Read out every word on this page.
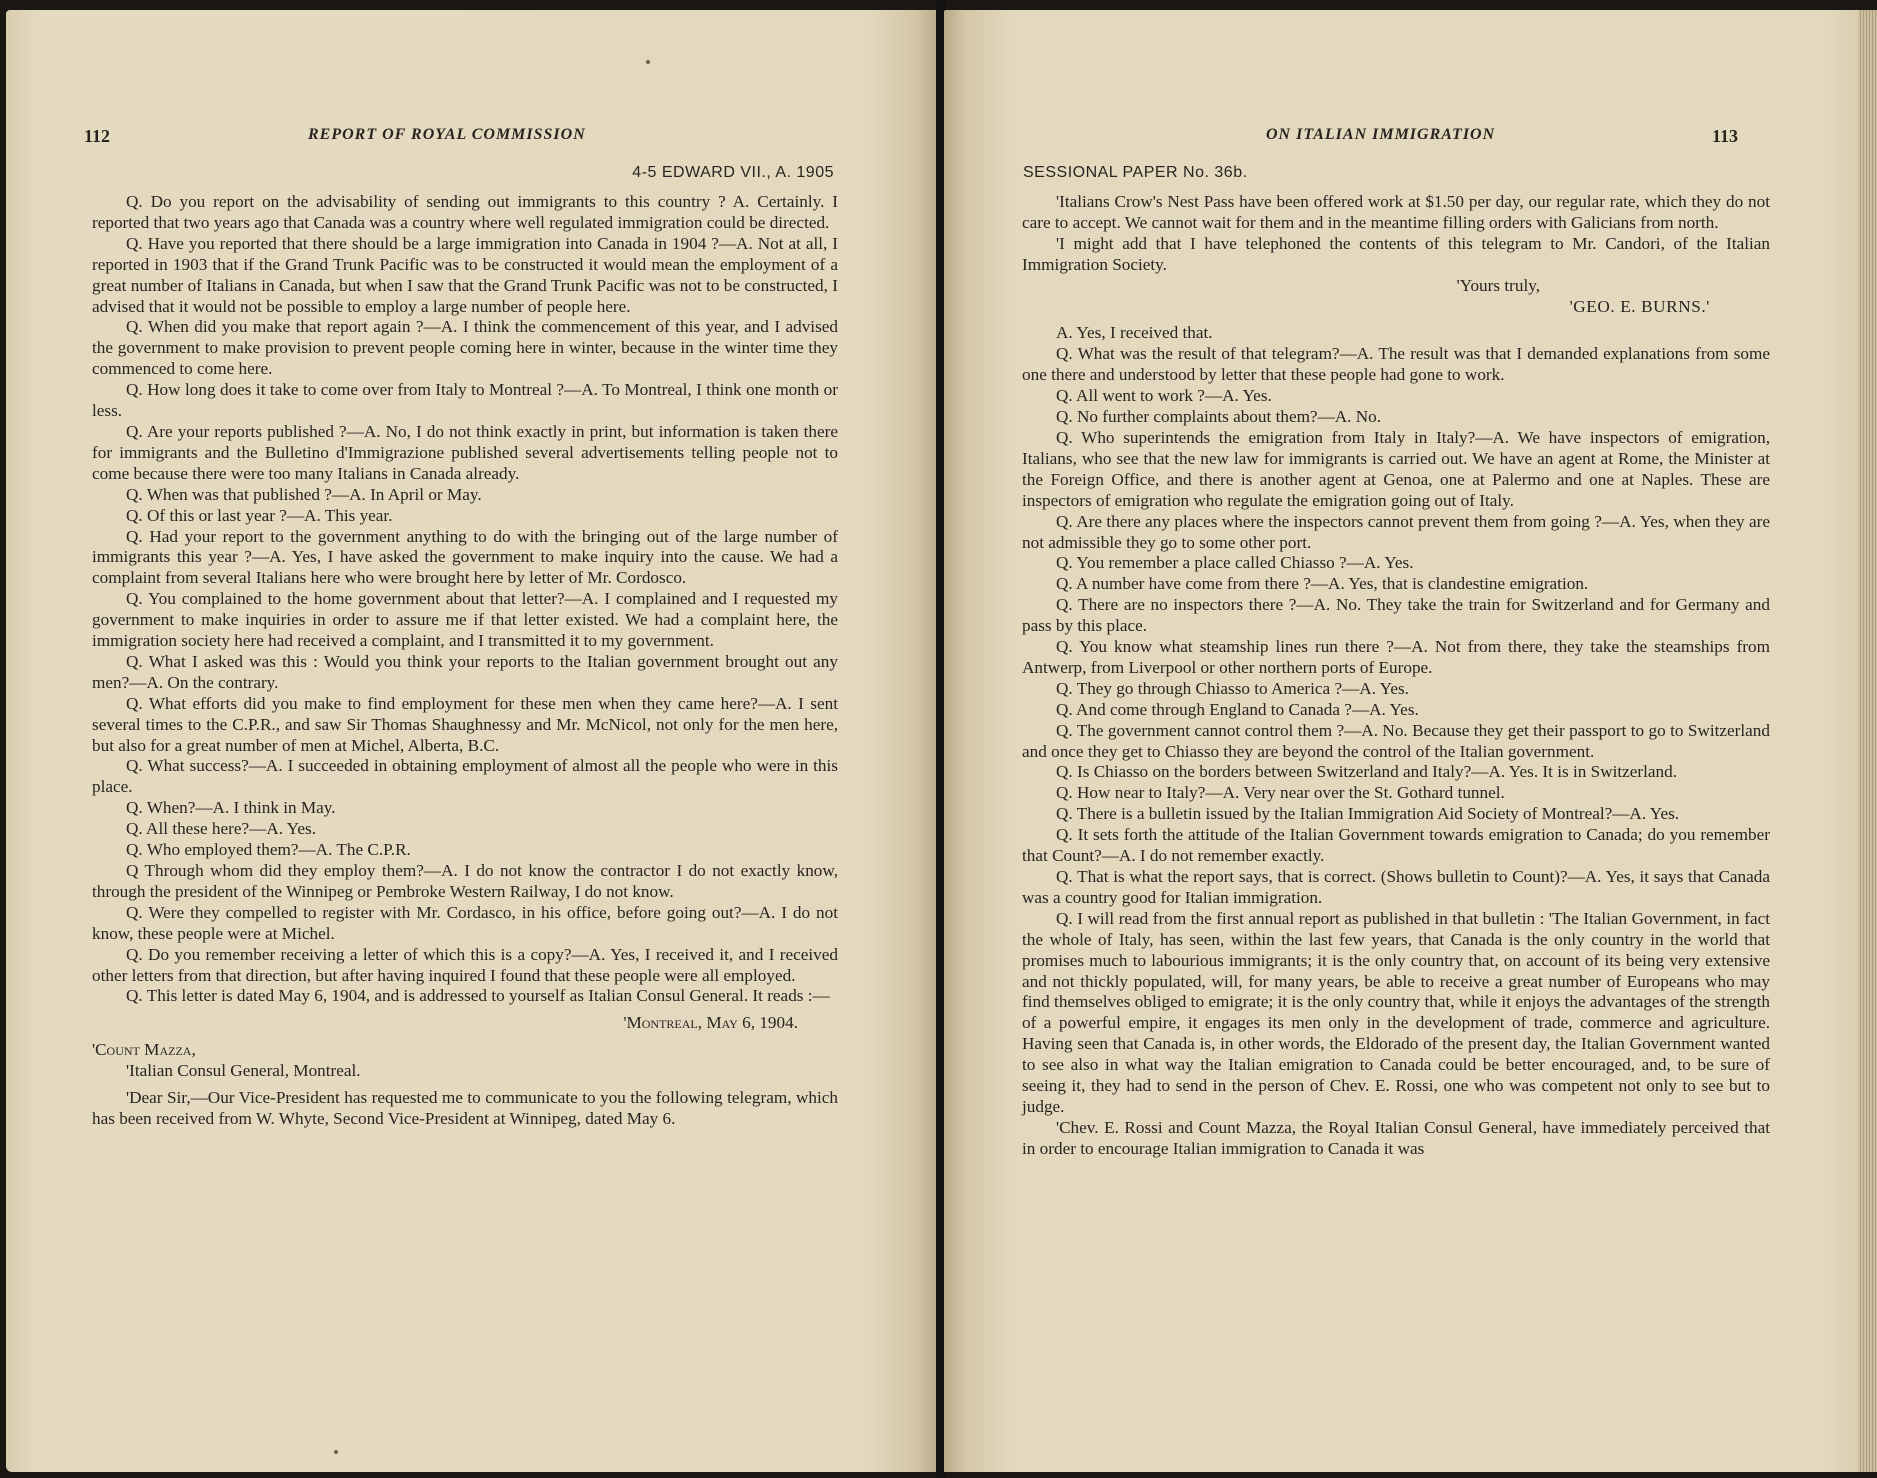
112	REPORT OF ROYAL COMMISSION
4-5 EDWARD VII., A. 1905

Q. Do you report on the advisability of sending out immigrants to this country ? A. Certainly. I reported that two years ago that Canada was a country where well regulated immigration could be directed.

Q. Have you reported that there should be a large immigration into Canada in 1904 ?—A. Not at all, I reported in 1903 that if the Grand Trunk Pacific was to be constructed it would mean the employment of a great number of Italians in Canada, but when I saw that the Grand Trunk Pacific was not to be constructed, I advised that it would not be possible to employ a large number of people here.

Q. When did you make that report again ?—A. I think the commencement of this year, and I advised the government to make provision to prevent people coming here in winter, because in the winter time they commenced to come here.

Q. How long does it take to come over from Italy to Montreal ?—A. To Montreal, I think one month or less.

Q. Are your reports published ?—A. No, I do not think exactly in print, but information is taken there for immigrants and the Bulletino d'Immigrazione published several advertisements telling people not to come because there were too many Italians in Canada already.

Q. When was that published ?—A. In April or May.

Q. Of this or last year ?—A. This year.

Q. Had your report to the government anything to do with the bringing out of the large number of immigrants this year ?—A. Yes, I have asked the government to make inquiry into the cause. We had a complaint from several Italians here who were brought here by letter of Mr. Cordosco.

Q. You complained to the home government about that letter?—A. I complained and I requested my government to make inquiries in order to assure me if that letter existed. We had a complaint here, the immigration society here had received a complaint, and I transmitted it to my government.

Q. What I asked was this : Would you think your reports to the Italian government brought out any men?—A. On the contrary.

Q. What efforts did you make to find employment for these men when they came here?—A. I sent several times to the C.P.R., and saw Sir Thomas Shaughnessy and Mr. McNicol, not only for the men here, but also for a great number of men at Michel, Alberta, B.C.

Q. What success?—A. I succeeded in obtaining employment of almost all the people who were in this place.

Q. When?—A. I think in May.

Q. All these here?—A. Yes.

Q. Who employed them?—A. The C.P.R.

Q Through whom did they employ them?—A. I do not know the contractor I do not exactly know, through the president of the Winnipeg or Pembroke Western Railway, I do not know.

Q. Were they compelled to register with Mr. Cordasco, in his office, before going out?—A. I do not know, these people were at Michel.

Q. Do you remember receiving a letter of which this is a copy?—A. Yes, I received it, and I received other letters from that direction, but after having inquired I found that these people were all employed.

Q. This letter is dated May 6, 1904, and is addressed to yourself as Italian Consul General. It reads :—

'Montreal, May 6, 1904.

'Count Mazza,

'Italian Consul General, Montreal.

'Dear Sir,—Our Vice-President has requested me to communicate to you the following telegram, which has been received from W. Whyte, Second Vice-President at Winnipeg, dated May 6.

ON ITALIAN IMMIGRATION	113
SESSIONAL PAPER No. 36b.

'Italians Crow's Nest Pass have been offered work at $1.50 per day, our regular rate, which they do not care to accept. We cannot wait for them and in the meantime filling orders with Galicians from north.

'I might add that I have telephoned the contents of this telegram to Mr. Candori, of the Italian Immigration Society.

'Yours truly,

'GEO. E. BURNS.'

A. Yes, I received that.

Q. What was the result of that telegram?—A. The result was that I demanded explanations from some one there and understood by letter that these people had gone to work.

Q. All went to work ?—A. Yes.

Q. No further complaints about them?—A. No.

Q. Who superintends the emigration from Italy in Italy?—A. We have inspectors of emigration, Italians, who see that the new law for immigrants is carried out. We have an agent at Rome, the Minister at the Foreign Office, and there is another agent at Genoa, one at Palermo and one at Naples. These are inspectors of emigration who regulate the emigration going out of Italy.

Q. Are there any places where the inspectors cannot prevent them from going ?—A. Yes, when they are not admissible they go to some other port.

Q. You remember a place called Chiasso ?—A. Yes.

Q. A number have come from there ?—A. Yes, that is clandestine emigration.

Q. There are no inspectors there ?—A. No. They take the train for Switzerland and for Germany and pass by this place.

Q. You know what steamship lines run there ?—A. Not from there, they take the steamships from Antwerp, from Liverpool or other northern ports of Europe.

Q. They go through Chiasso to America ?—A. Yes.

Q. And come through England to Canada ?—A. Yes.

Q. The government cannot control them ?—A. No. Because they get their passport to go to Switzerland and once they get to Chiasso they are beyond the control of the Italian government.

Q. Is Chiasso on the borders between Switzerland and Italy?—A. Yes. It is in Switzerland.

Q. How near to Italy?—A. Very near over the St. Gothard tunnel.

Q. There is a bulletin issued by the Italian Immigration Aid Society of Montreal?—A. Yes.

Q. It sets forth the attitude of the Italian Government towards emigration to Canada; do you remember that Count?—A. I do not remember exactly.

Q. That is what the report says, that is correct. (Shows bulletin to Count)?—A. Yes, it says that Canada was a country good for Italian immigration.

Q. I will read from the first annual report as published in that bulletin : 'The Italian Government, in fact the whole of Italy, has seen, within the last few years, that Canada is the only country in the world that promises much to labourious immigrants; it is the only country that, on account of its being very extensive and not thickly populated, will, for many years, be able to receive a great number of Europeans who may find themselves obliged to emigrate; it is the only country that, while it enjoys the advantages of the strength of a powerful empire, it engages its men only in the development of trade, commerce and agriculture. Having seen that Canada is, in other words, the Eldorado of the present day, the Italian Government wanted to see also in what way the Italian emigration to Canada could be better encouraged, and, to be sure of seeing it, they had to send in the person of Chev. E. Rossi, one who was competent not only to see but to judge.

'Chev. E. Rossi and Count Mazza, the Royal Italian Consul General, have immediately perceived that in order to encourage Italian immigration to Canada it was
